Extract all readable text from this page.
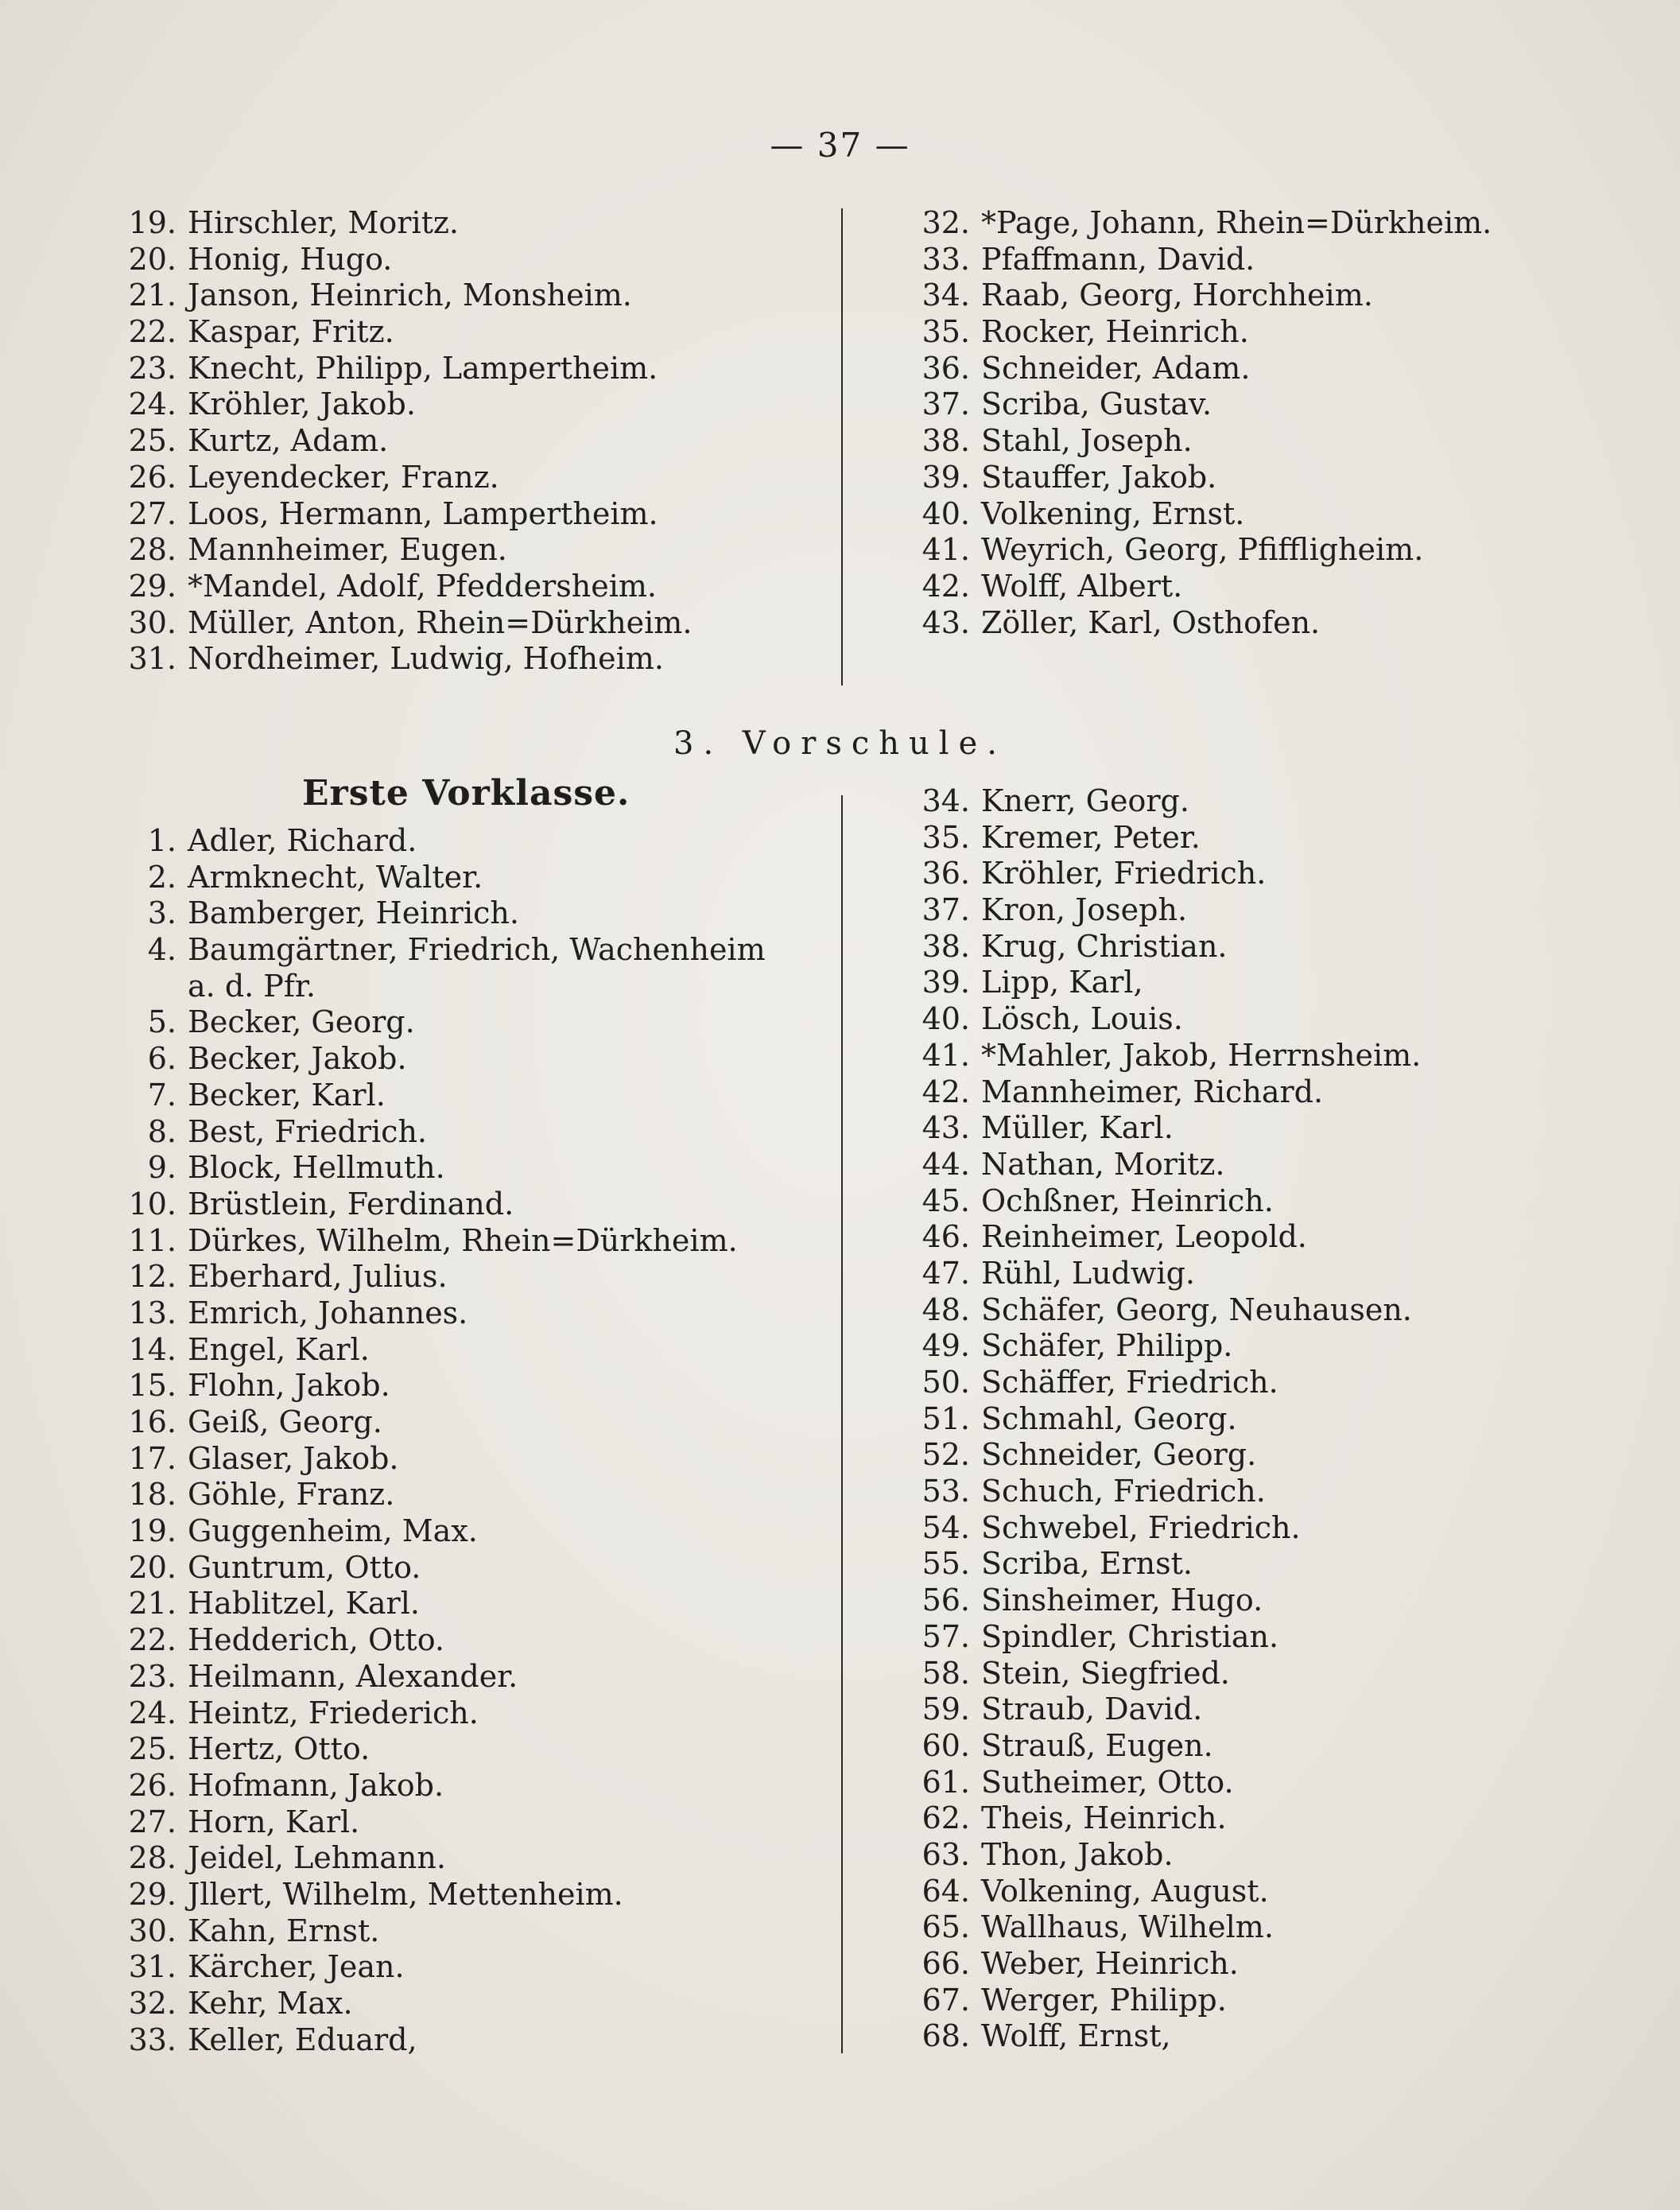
— 37 —
19. Hirschler, Moritz.
20. Honig, Hugo.
21. Janson, Heinrich, Monsheim.
22. Kaspar, Fritz.
23. Knecht, Philipp, Lampertheim.
24. Kröhler, Jakob.
25. Kurtz, Adam.
26. Leyendecker, Franz.
27. Loos, Hermann, Lampertheim.
28. Mannheimer, Eugen.
29. *Mandel, Adolf, Pfeddersheim.
30. Müller, Anton, Rhein=Dürkheim.
31. Nordheimer, Ludwig, Hofheim.
32. *Page, Johann, Rhein=Dürkheim.
33. Pfaffmann, David.
34. Raab, Georg, Horchheim.
35. Rocker, Heinrich.
36. Schneider, Adam.
37. Scriba, Gustav.
38. Stahl, Joseph.
39. Stauffer, Jakob.
40. Volkening, Ernst.
41. Weyrich, Georg, Pfiffligheim.
42. Wolff, Albert.
43. Zöller, Karl, Osthofen.
3. Vorschule.
Erste Vorklasse.
1. Adler, Richard.
2. Armknecht, Walter.
3. Bamberger, Heinrich.
4. Baumgärtner, Friedrich, Wachenheim
a. d. Pfr.
5. Becker, Georg.
6. Becker, Jakob.
7. Becker, Karl.
8. Best, Friedrich.
9. Block, Hellmuth.
10. Brüstlein, Ferdinand.
11. Dürkes, Wilhelm, Rhein=Dürkheim.
12. Eberhard, Julius.
13. Emrich, Johannes.
14. Engel, Karl.
15. Flohn, Jakob.
16. Geiß, Georg.
17. Glaser, Jakob.
18. Göhle, Franz.
19. Guggenheim, Max.
20. Guntrum, Otto.
21. Hablitzel, Karl.
22. Hedderich, Otto.
23. Heilmann, Alexander.
24. Heintz, Friederich.
25. Hertz, Otto.
26. Hofmann, Jakob.
27. Horn, Karl.
28. Jeidel, Lehmann.
29. Jllert, Wilhelm, Mettenheim.
30. Kahn, Ernst.
31. Kärcher, Jean.
32. Kehr, Max.
33. Keller, Eduard,
34. Knerr, Georg.
35. Kremer, Peter.
36. Kröhler, Friedrich.
37. Kron, Joseph.
38. Krug, Christian.
39. Lipp, Karl,
40. Lösch, Louis.
41. *Mahler, Jakob, Herrnsheim.
42. Mannheimer, Richard.
43. Müller, Karl.
44. Nathan, Moritz.
45. Ochßner, Heinrich.
46. Reinheimer, Leopold.
47. Rühl, Ludwig.
48. Schäfer, Georg, Neuhausen.
49. Schäfer, Philipp.
50. Schäffer, Friedrich.
51. Schmahl, Georg.
52. Schneider, Georg.
53. Schuch, Friedrich.
54. Schwebel, Friedrich.
55. Scriba, Ernst.
56. Sinsheimer, Hugo.
57. Spindler, Christian.
58. Stein, Siegfried.
59. Straub, David.
60. Strauß, Eugen.
61. Sutheimer, Otto.
62. Theis, Heinrich.
63. Thon, Jakob.
64. Volkening, August.
65. Wallhaus, Wilhelm.
66. Weber, Heinrich.
67. Werger, Philipp.
68. Wolff, Ernst,
